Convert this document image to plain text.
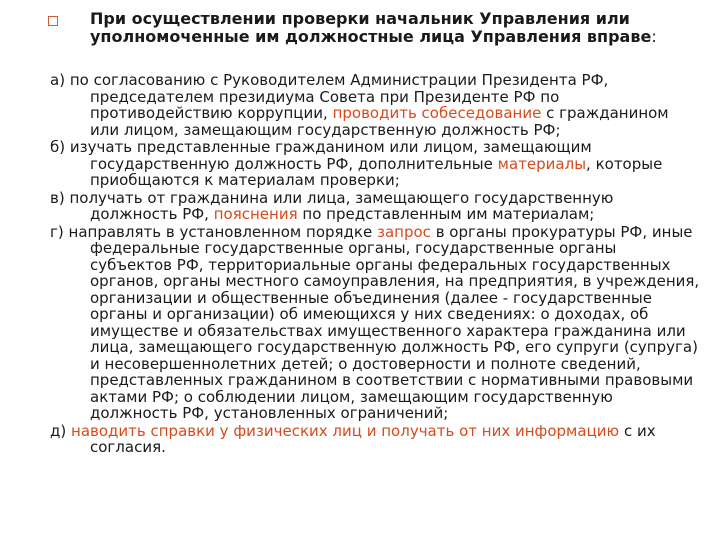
При осуществлении проверки начальник Управления или уполномоченные им должностные лица Управления вправе:

а) по согласованию с Руководителем Администрации Президента РФ, председателем президиума Совета при Президенте РФ по противодействию коррупции, проводить собеседование с гражданином или лицом, замещающим государственную должность РФ;

б) изучать представленные гражданином или лицом, замещающим государственную должность РФ, дополнительные материалы, которые приобщаются к материалам проверки;

в) получать от гражданина или лица, замещающего государственную должность РФ, пояснения по представленным им материалам;

г) направлять в установленном порядке запрос в органы прокуратуры РФ, иные федеральные государственные органы, государственные органы субъектов РФ, территориальные органы федеральных государственных органов, органы местного самоуправления, на предприятия, в учреждения, организации и общественные объединения (далее - государственные органы и организации) об имеющихся у них сведениях: о доходах, об имуществе и обязательствах имущественного характера гражданина или лица, замещающего государственную должность РФ, его супруги (супруга) и несовершеннолетних детей; о достоверности и полноте сведений, представленных гражданином в соответствии с нормативными правовыми актами РФ; о соблюдении лицом, замещающим государственную должность РФ, установленных ограничений;

д) наводить справки у физических лиц и получать от них информацию с их согласия.
